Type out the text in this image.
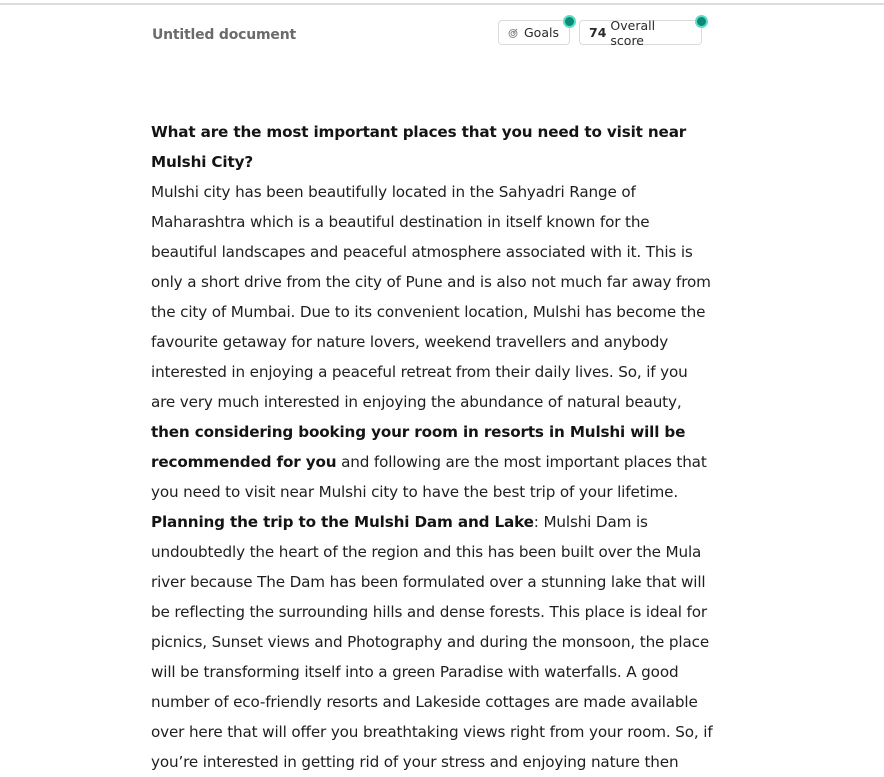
Untitled document	Goals 74 Overall score

What are the most important places that you need to visit near Mulshi City?

Mulshi city has been beautifully located in the Sahyadri Range of Maharashtra which is a beautiful destination in itself known for the beautiful landscapes and peaceful atmosphere associated with it. This is only a short drive from the city of Pune and is also not much far away from the city of Mumbai. Due to its convenient location, Mulshi has become the favourite getaway for nature lovers, weekend travellers and anybody interested in enjoying a peaceful retreat from their daily lives. So, if you are very much interested in enjoying the abundance of natural beauty, then considering booking your room in resorts in Mulshi will be recommended for you and following are the most important places that you need to visit near Mulshi city to have the best trip of your lifetime.

Planning the trip to the Mulshi Dam and Lake: Mulshi Dam is undoubtedly the heart of the region and this has been built over the Mula river because The Dam has been formulated over a stunning lake that will be reflecting the surrounding hills and dense forests. This place is ideal for picnics, Sunset views and Photography and during the monsoon, the place will be transforming itself into a green Paradise with waterfalls. A good number of eco-friendly resorts and Lakeside cottages are made available over here that will offer you breathtaking views right from your room. So, if you’re interested in getting rid of your stress and enjoying nature then
